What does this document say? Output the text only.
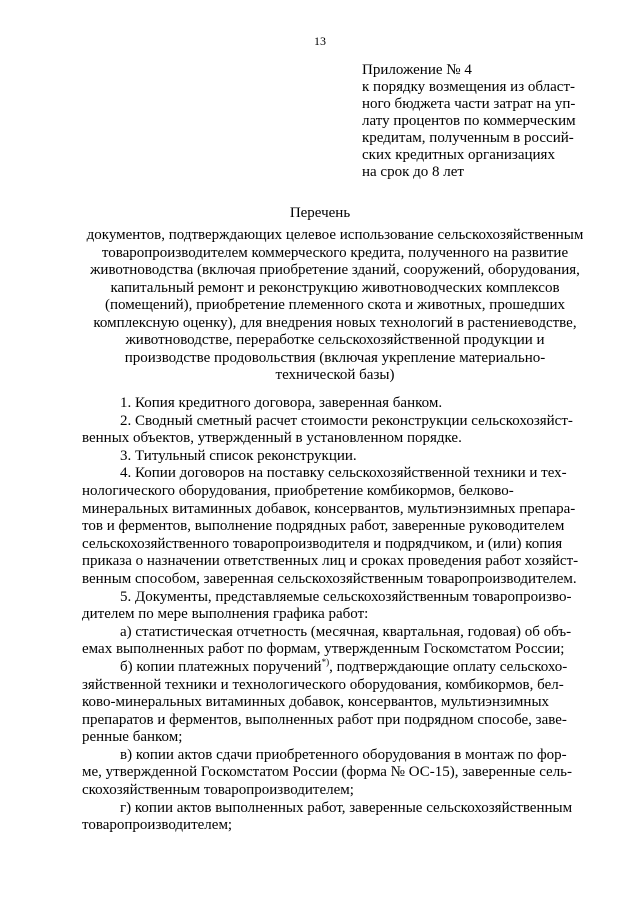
13
Приложение № 4
к порядку возмещения из област-
ного бюджета части затрат на уп-
лату процентов по коммерческим
кредитам, полученным в россий-
ских кредитных организациях
на срок до 8 лет
Перечень
документов, подтверждающих целевое использование сельскохозяйственным
товаропроизводителем коммерческого кредита, полученного на развитие
животноводства (включая приобретение зданий, сооружений, оборудования,
капитальный ремонт и реконструкцию животноводческих комплексов
(помещений), приобретение племенного скота и животных, прошедших
комплексную оценку), для внедрения новых технологий в растениеводстве,
животноводстве, переработке сельскохозяйственной продукции и
производстве продовольствия (включая укрепление материально-
технической базы)

1. Копия кредитного договора, заверенная банком.

2. Сводный сметный расчет стоимости реконструкции сельскохозяйст-
венных объектов, утвержденный в установленном порядке.

3. Титульный список реконструкции.

4. Копии договоров на поставку сельскохозяйственной техники и тех-
нологического оборудования, приобретение комбикормов, белково-
минеральных витаминных добавок, консервантов, мультиэнзимных препара-
тов и ферментов, выполнение подрядных работ, заверенные руководителем
сельскохозяйственного товаропроизводителя и подрядчиком, и (или) копия
приказа о назначении ответственных лиц и сроках проведения работ хозяйст-
венным способом, заверенная сельскохозяйственным товаропроизводителем.

5. Документы, представляемые сельскохозяйственным товаропроизво-
дителем по мере выполнения графика работ:

а) статистическая отчетность (месячная, квартальная, годовая) об объ-
емах выполненных работ по формам, утвержденным Госкомстатом России;

б) копии платежных поручений*), подтверждающие оплату сельскохо-
зяйственной техники и технологического оборудования, комбикормов, бел-
ково-минеральных витаминных добавок, консервантов, мультиэнзимных
препаратов и ферментов, выполненных работ при подрядном способе, заве-
ренные банком;

в) копии актов сдачи приобретенного оборудования в монтаж по фор-
ме, утвержденной Госкомстатом России (форма № ОС-15), заверенные сель-
скохозяйственным товаропроизводителем;

г) копии актов выполненных работ, заверенные сельскохозяйственным
товаропроизводителем;
